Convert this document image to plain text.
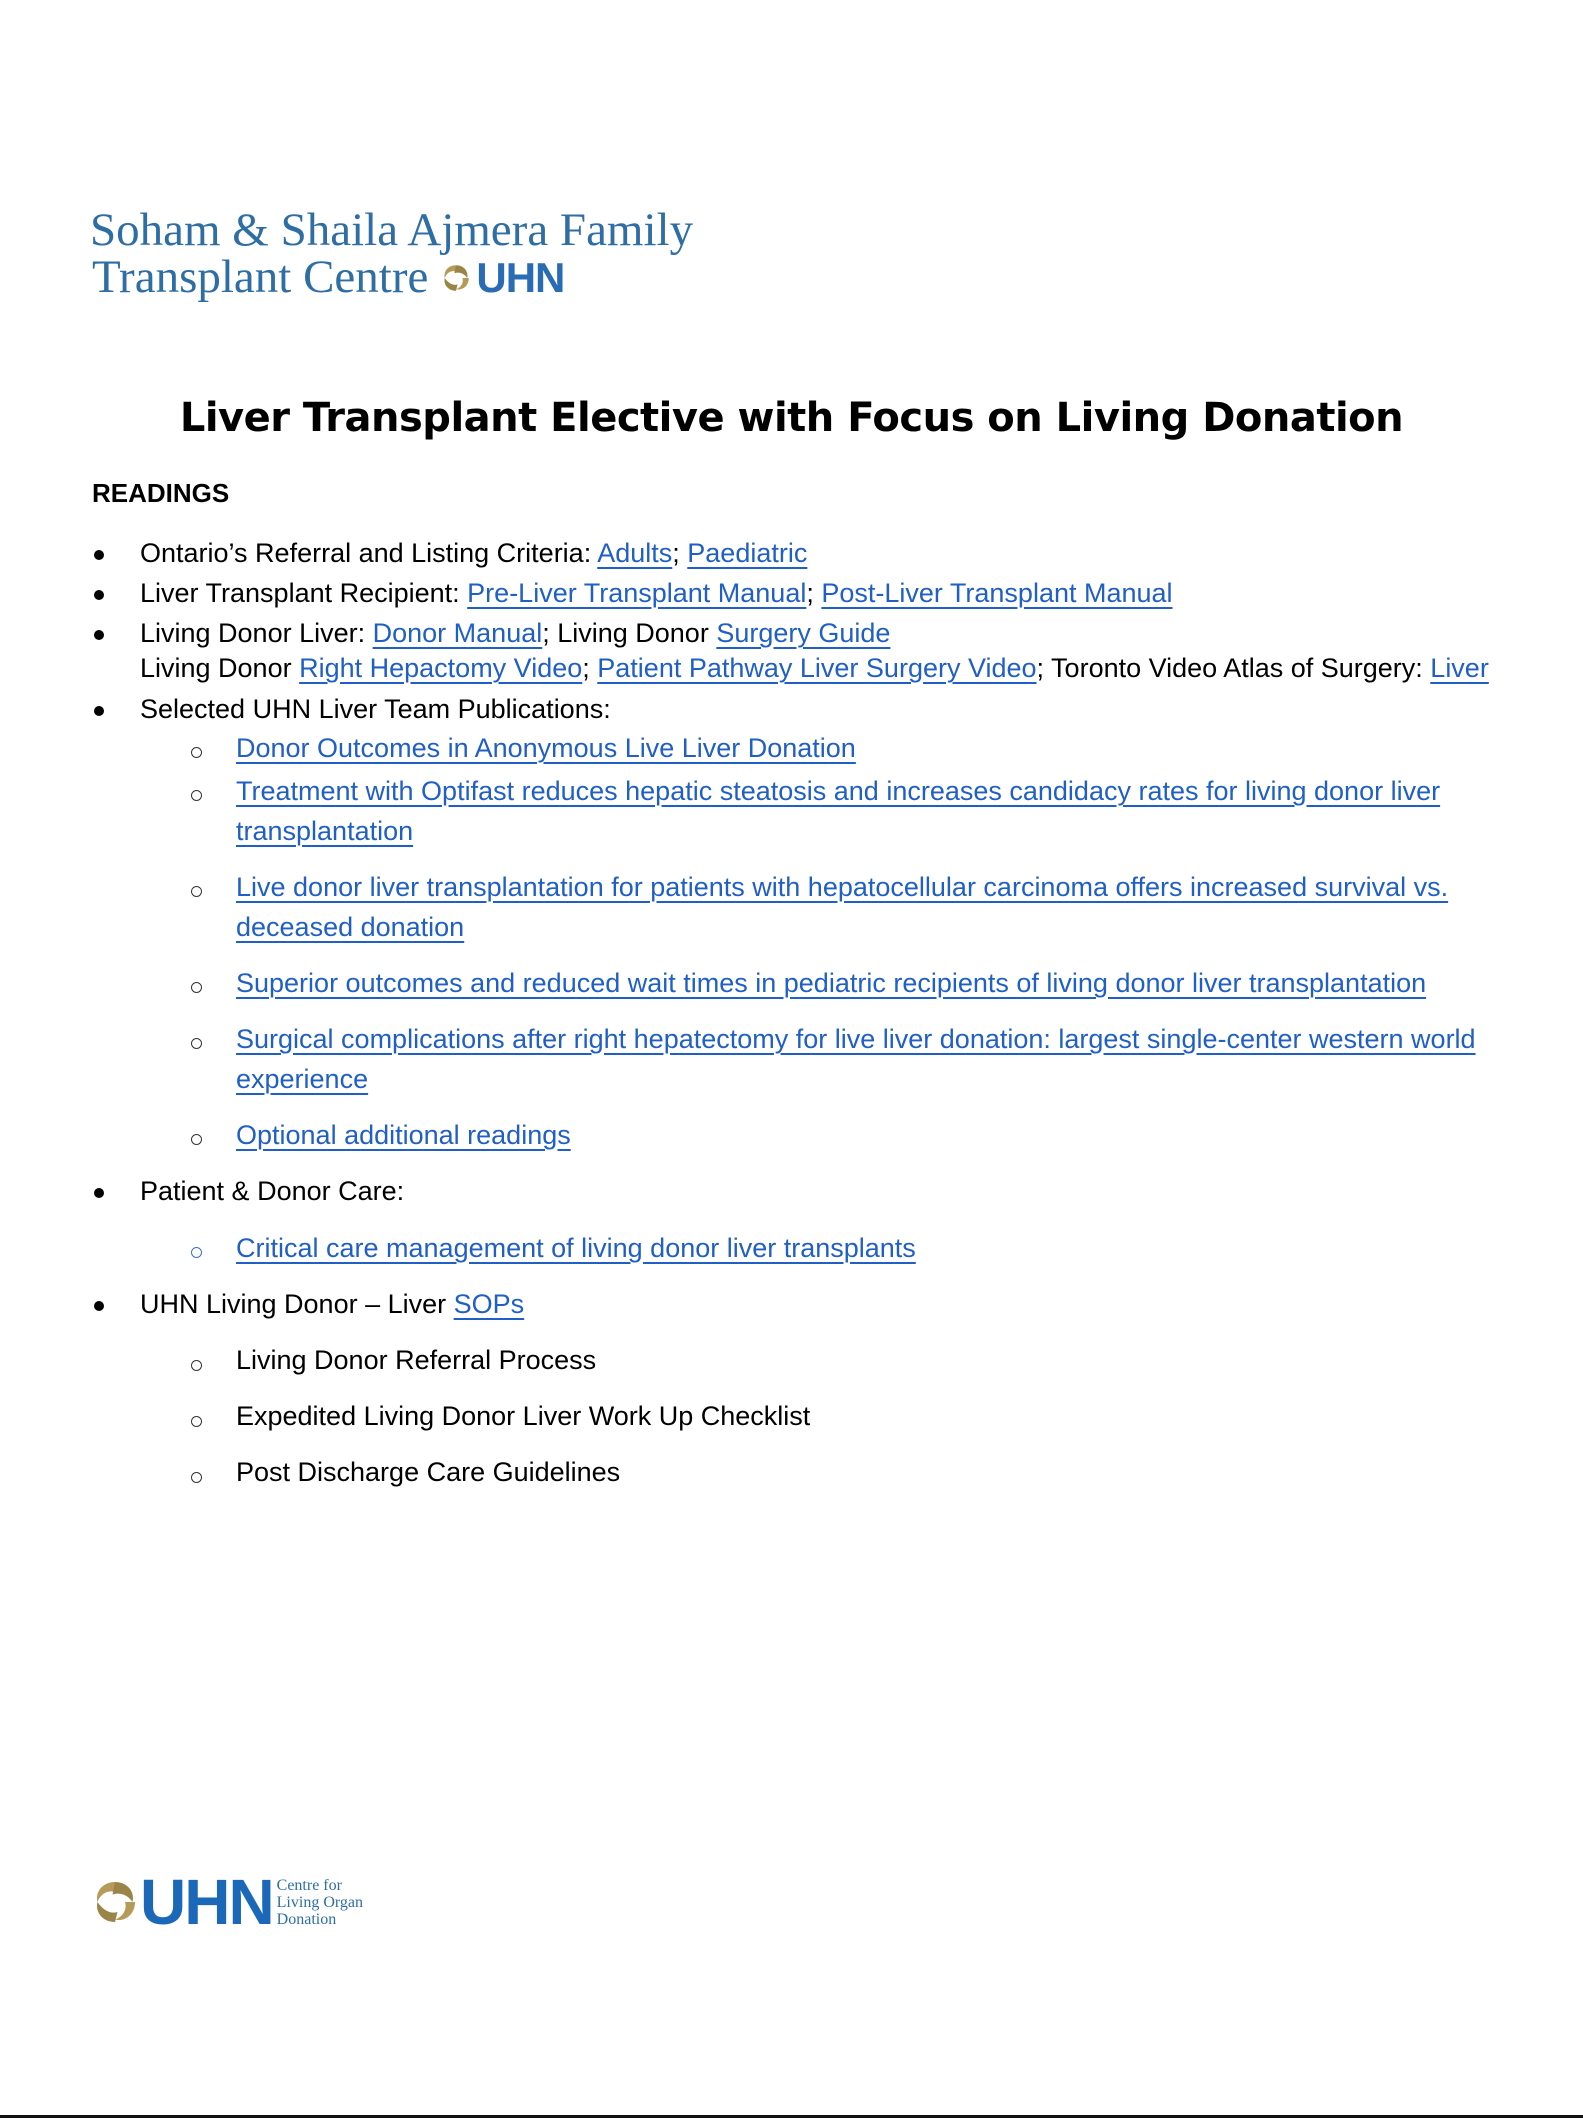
Soham & Shaila Ajmera Family
Transplant Centre UHN
Liver Transplant Elective with Focus on Living Donation
READINGS
Ontario’s Referral and Listing Criteria: Adults; Paediatric
Liver Transplant Recipient: Pre-Liver Transplant Manual; Post-Liver Transplant Manual
Living Donor Liver: Donor Manual; Living Donor Surgery Guide
Living Donor Right Hepactomy Video; Patient Pathway Liver Surgery Video; Toronto Video Atlas of Surgery: Liver
Selected UHN Liver Team Publications:
Donor Outcomes in Anonymous Live Liver Donation
Treatment with Optifast reduces hepatic steatosis and increases candidacy rates for living donor liver
transplantation
Live donor liver transplantation for patients with hepatocellular carcinoma offers increased survival vs.
deceased donation
Superior outcomes and reduced wait times in pediatric recipients of living donor liver transplantation
Surgical complications after right hepatectomy for live liver donation: largest single-center western world
experience
Optional additional readings
Patient & Donor Care:
Critical care management of living donor liver transplants
UHN Living Donor – Liver SOPs
Living Donor Referral Process
Expedited Living Donor Liver Work Up Checklist
Post Discharge Care Guidelines
UHN Centre for
Living Organ
Donation
